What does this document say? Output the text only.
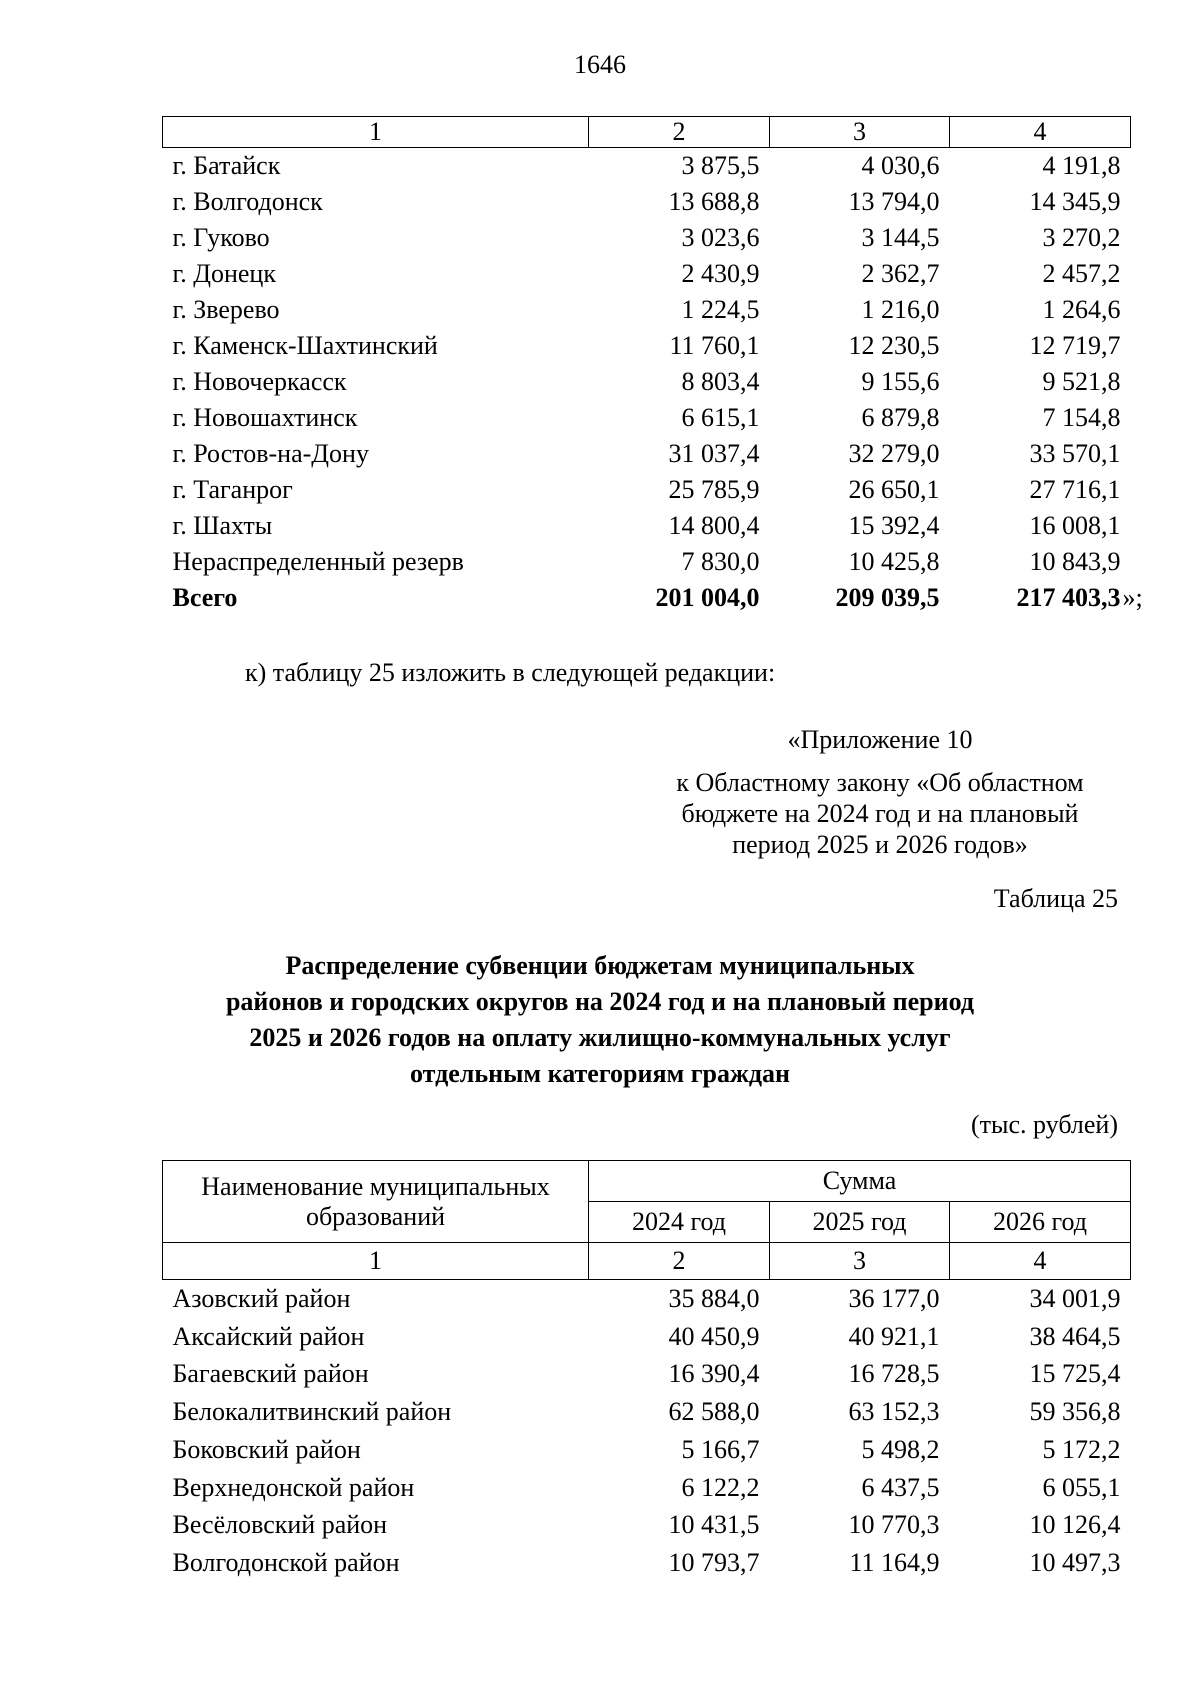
1646
1	2	3	4
г. Батайск	3 875,5	4 030,6	4 191,8
г. Волгодонск	13 688,8	13 794,0	14 345,9
г. Гуково	3 023,6	3 144,5	3 270,2
г. Донецк	2 430,9	2 362,7	2 457,2
г. Зверево	1 224,5	1 216,0	1 264,6
г. Каменск-Шахтинский	11 760,1	12 230,5	12 719,7
г. Новочеркасск	8 803,4	9 155,6	9 521,8
г. Новошахтинск	6 615,1	6 879,8	7 154,8
г. Ростов-на-Дону	31 037,4	32 279,0	33 570,1
г. Таганрог	25 785,9	26 650,1	27 716,1
г. Шахты	14 800,4	15 392,4	16 008,1
Нераспределенный резерв	7 830,0	10 425,8	10 843,9
Всего	201 004,0	209 039,5	217 403,3 »;
к) таблицу 25 изложить в следующей редакции:
«Приложение 10
к Областному закону «Об областном
бюджете на 2024 год и на плановый
период 2025 и 2026 годов»
Таблица 25
Распределение субвенции бюджетам муниципальных
районов и городских округов на 2024 год и на плановый период
2025 и 2026 годов на оплату жилищно-коммунальных услуг
отдельным категориям граждан
(тыс. рублей)
Наименование муниципальных образований	Сумма		
	2024 год	2025 год	2026 год
1	2	3	4
Азовский район	35 884,0	36 177,0	34 001,9
Аксайский район	40 450,9	40 921,1	38 464,5
Багаевский район	16 390,4	16 728,5	15 725,4
Белокалитвинский район	62 588,0	63 152,3	59 356,8
Боковский район	5 166,7	5 498,2	5 172,2
Верхнедонской район	6 122,2	6 437,5	6 055,1
Весёловский район	10 431,5	10 770,3	10 126,4
Волгодонской район	10 793,7	11 164,9	10 497,3
